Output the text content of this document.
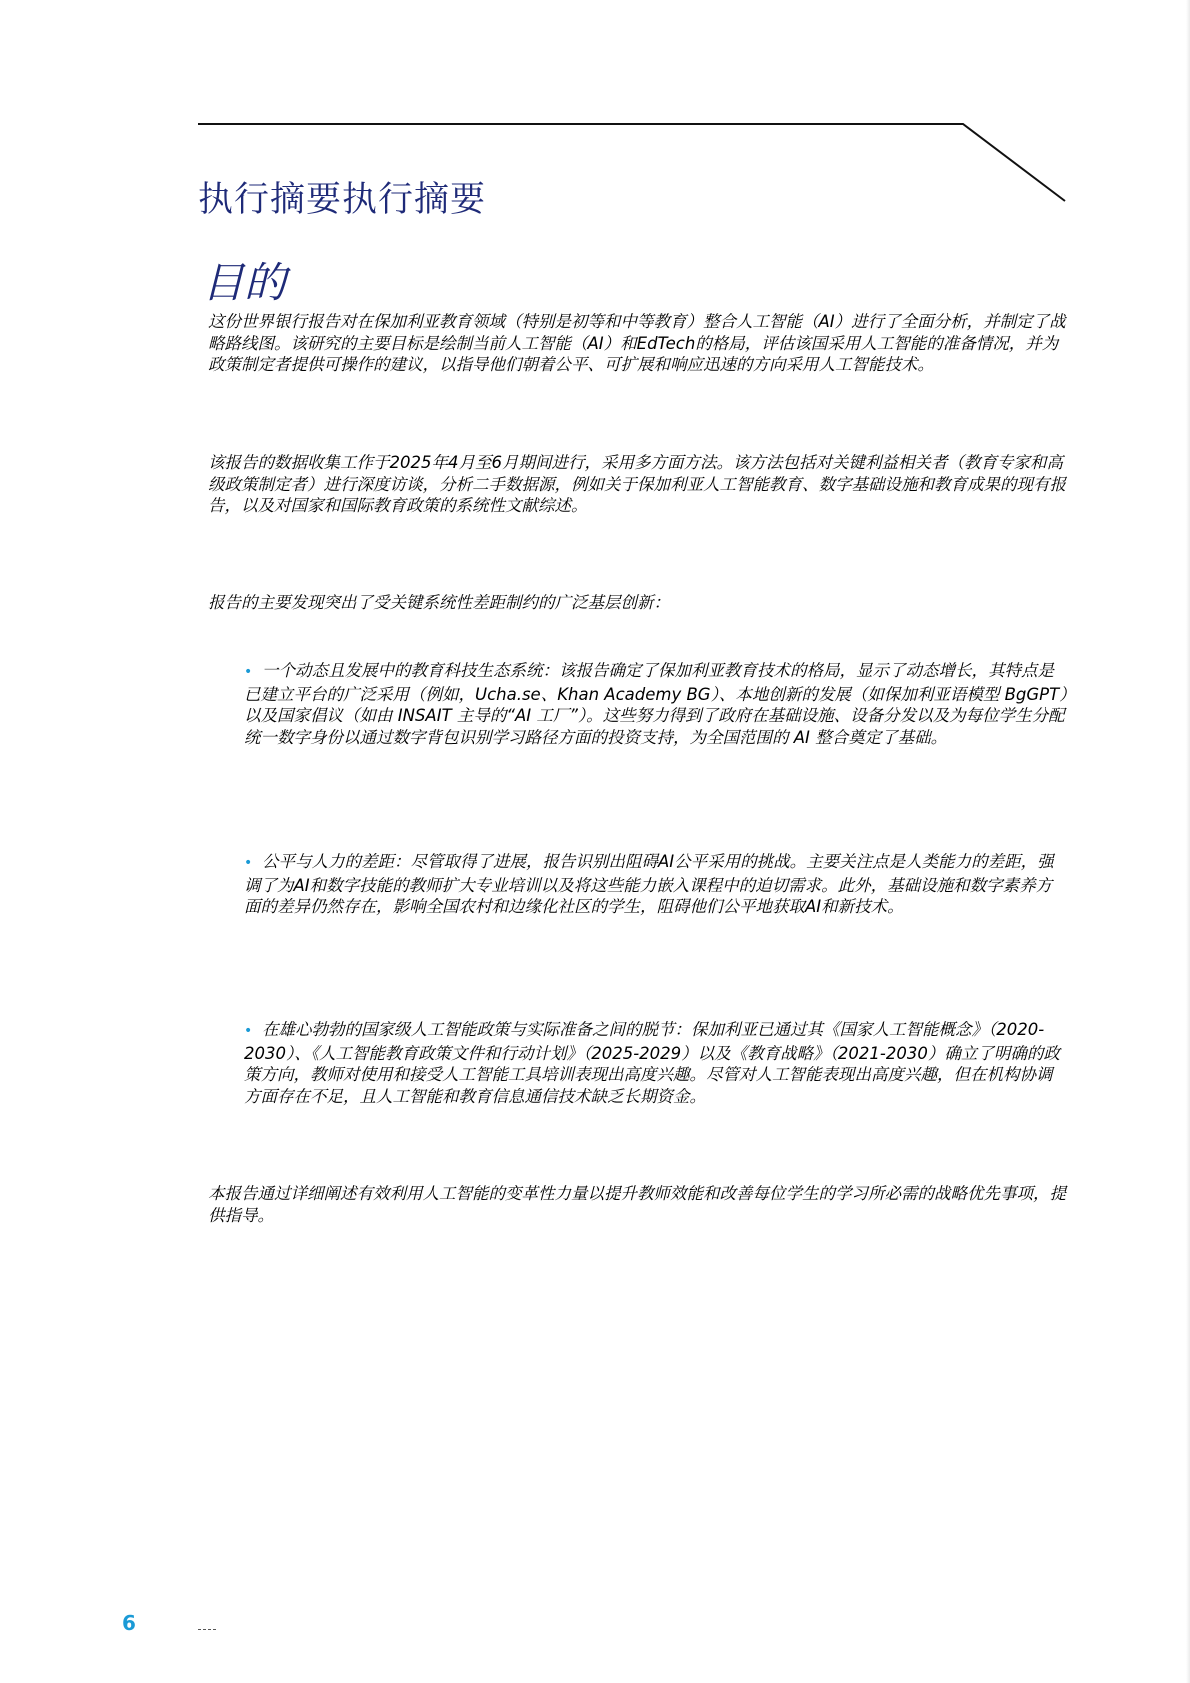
执行摘要执行摘要
目的

这份世界银行报告对在保加利亚教育领域（特别是初等和中等教育）整合人工智能（AI）进行了全面分析，并制定了战略路线图。该研究的主要目标是绘制当前人工智能（AI）和EdTech的格局，评估该国采用人工智能的准备情况，并为政策制定者提供可操作的建议，以指导他们朝着公平、可扩展和响应迅速的方向采用人工智能技术。

该报告的数据收集工作于2025年4月至6月期间进行，采用多方面方法。该方法包括对关键利益相关者（教育专家和高级政策制定者）进行深度访谈，分析二手数据源，例如关于保加利亚人工智能教育、数字基础设施和教育成果的现有报告，以及对国家和国际教育政策的系统性文献综述。

报告的主要发现突出了受关键系统性差距制约的广泛基层创新：

• 一个动态且发展中的教育科技生态系统：该报告确定了保加利亚教育技术的格局，显示了动态增长，其特点是已建立平台的广泛采用（例如，Ucha.se、Khan Academy BG）、本地创新的发展（如保加利亚语模型 BgGPT）以及国家倡议（如由 INSAIT 主导的“AI 工厂”）。这些努力得到了政府在基础设施、设备分发以及为每位学生分配统一数字身份以通过数字背包识别学习路径方面的投资支持，为全国范围的 AI 整合奠定了基础。
• 公平与人力的差距：尽管取得了进展，报告识别出阻碍AI公平采用的挑战。主要关注点是人类能力的差距，强调了为AI和数字技能的教师扩大专业培训以及将这些能力嵌入课程中的迫切需求。此外，基础设施和数字素养方面的差异仍然存在，影响全国农村和边缘化社区的学生，阻碍他们公平地获取AI和新技术。
• 在雄心勃勃的国家级人工智能政策与实际准备之间的脱节：保加利亚已通过其《国家人工智能概念》（2020-2030）、《人工智能教育政策文件和行动计划》（2025-2029）以及《教育战略》（2021-2030）确立了明确的政策方向，教师对使用和接受人工智能工具培训表现出高度兴趣。尽管对人工智能表现出高度兴趣，但在机构协调方面存在不足，且人工智能和教育信息通信技术缺乏长期资金。

本报告通过详细阐述有效利用人工智能的变革性力量以提升教师效能和改善每位学生的学习所必需的战略优先事项，提供指导。

6
